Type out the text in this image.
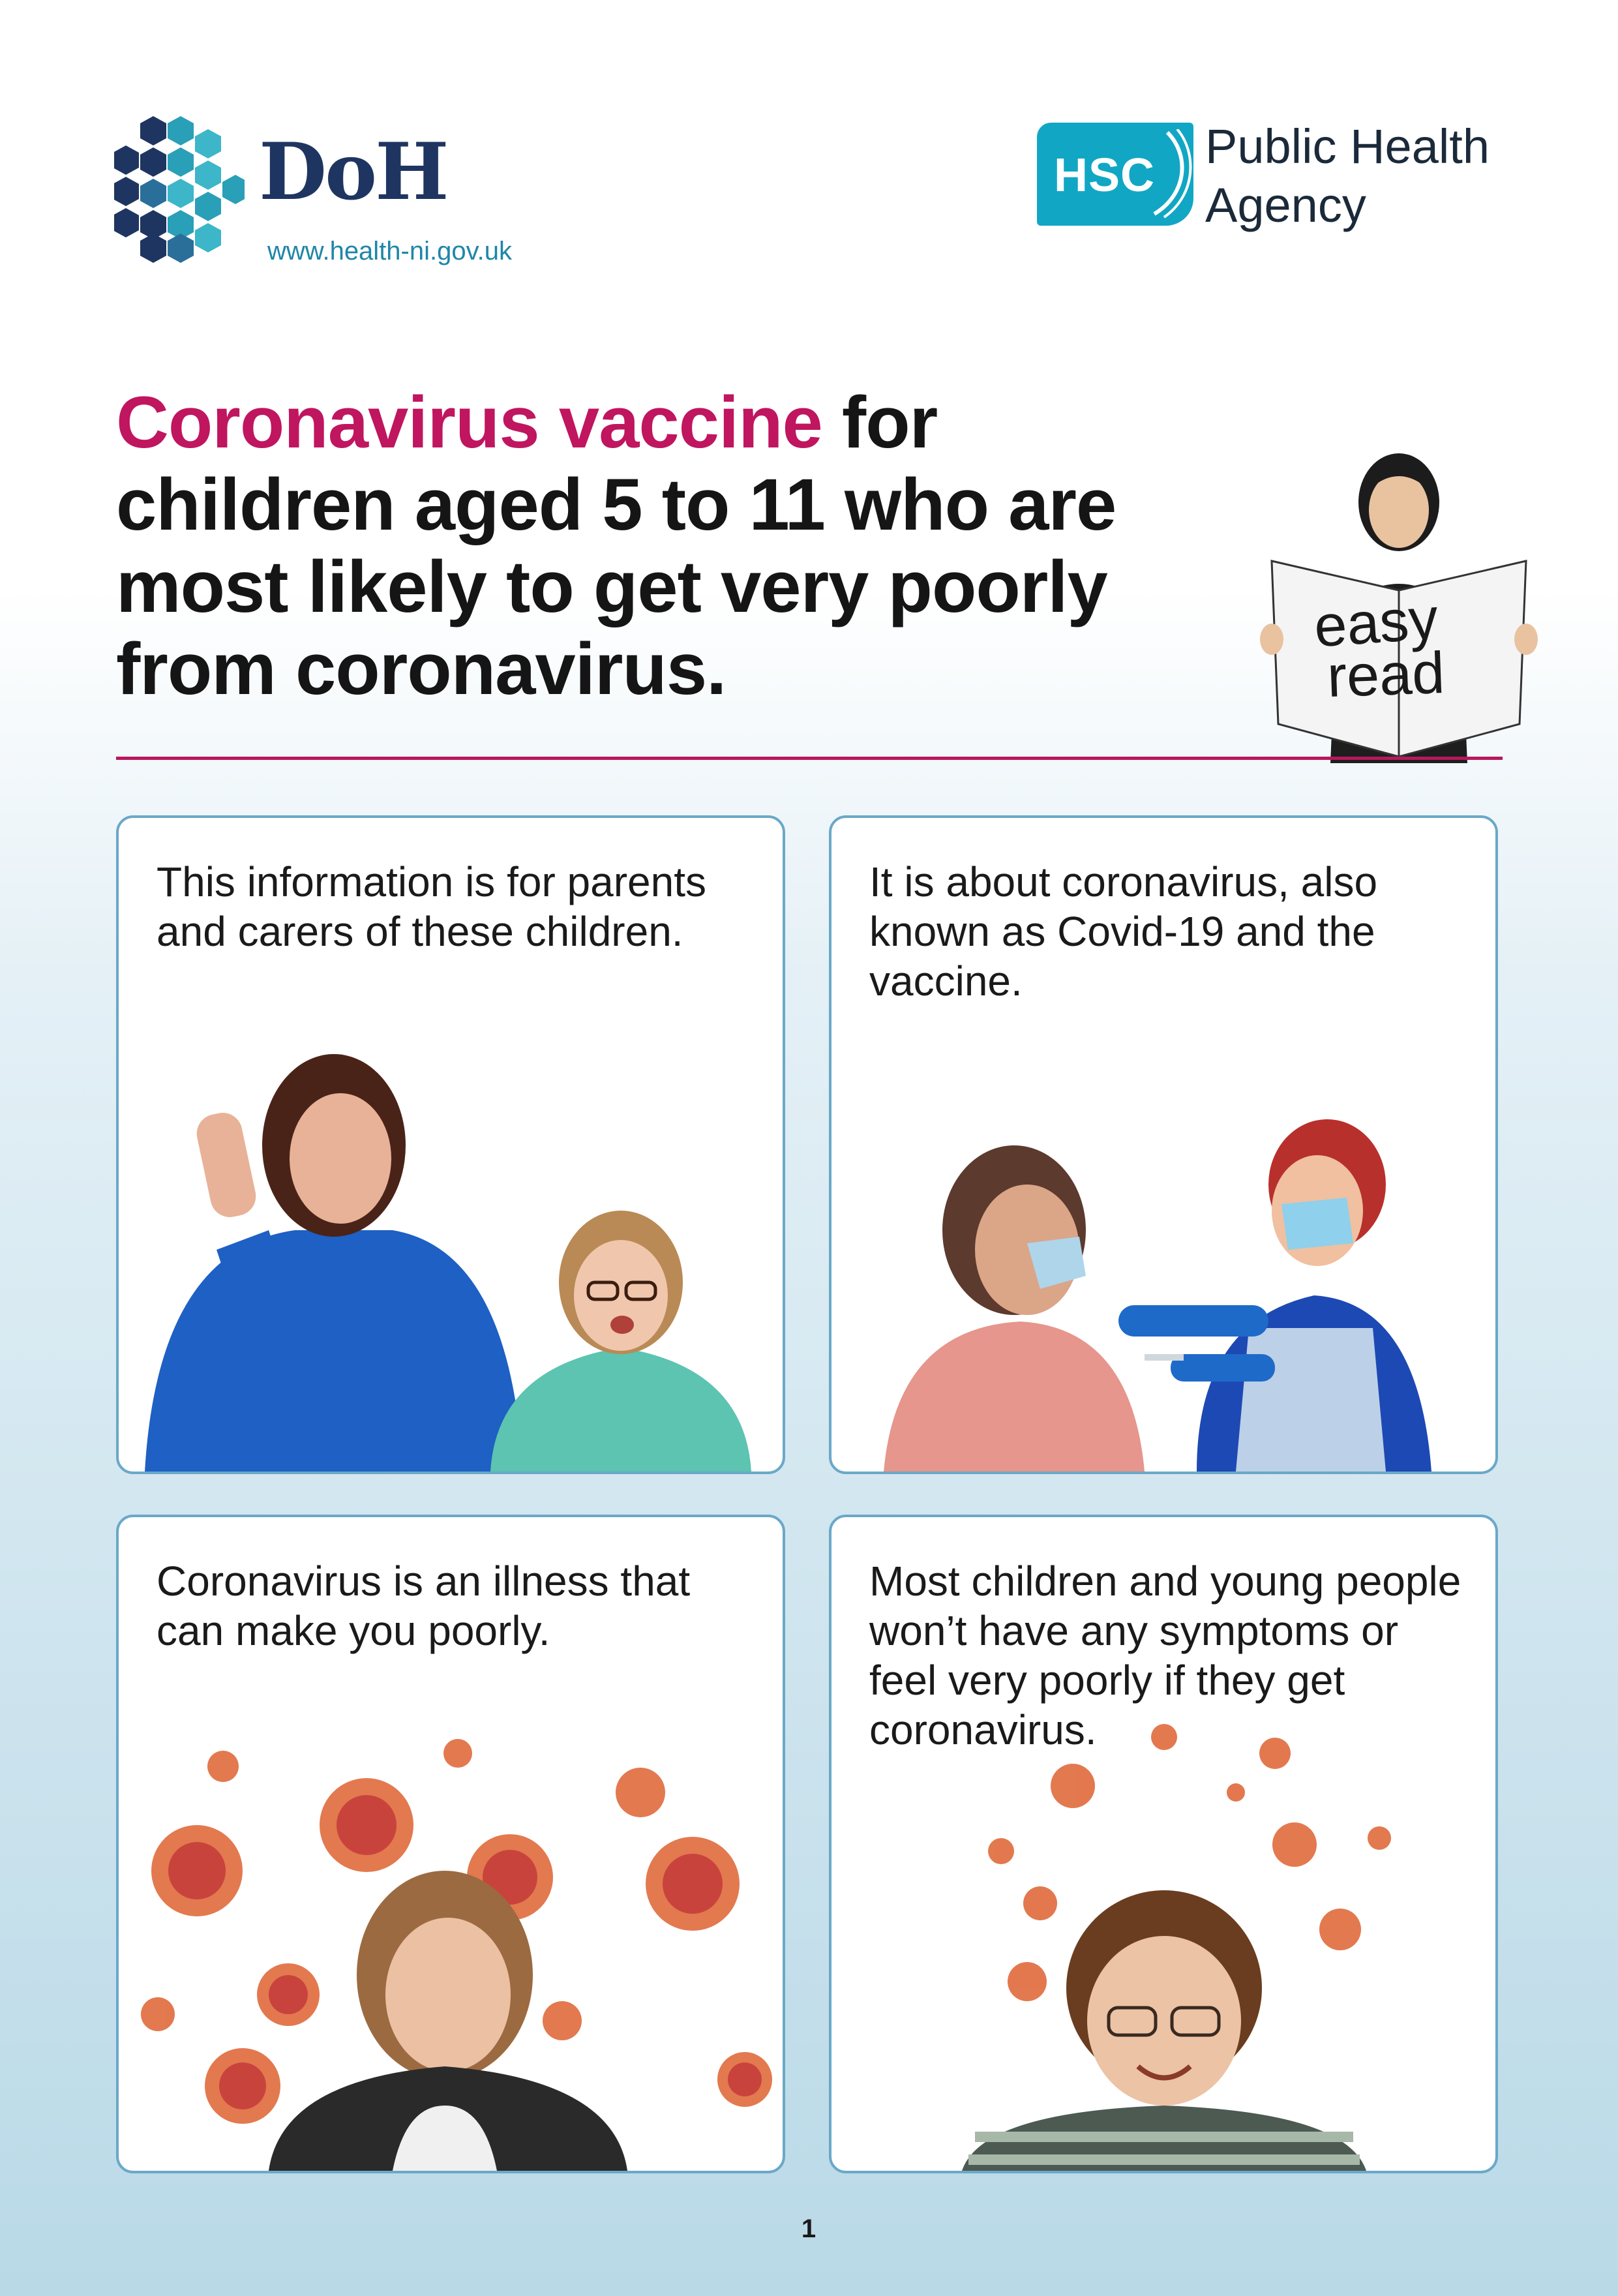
DoH
www.health-ni.gov.uk
HSC
Public Health
Agency
Coronavirus vaccine for children aged 5 to 11 who are most likely to get very poorly from coronavirus.
easy
read
This information is for parents and carers of these children.
It is about coronavirus, also known as Covid-19 and the vaccine.
Coronavirus is an illness that can make you poorly.
Most children and young people won’t have any symptoms or feel very poorly if they get coronavirus.
1
